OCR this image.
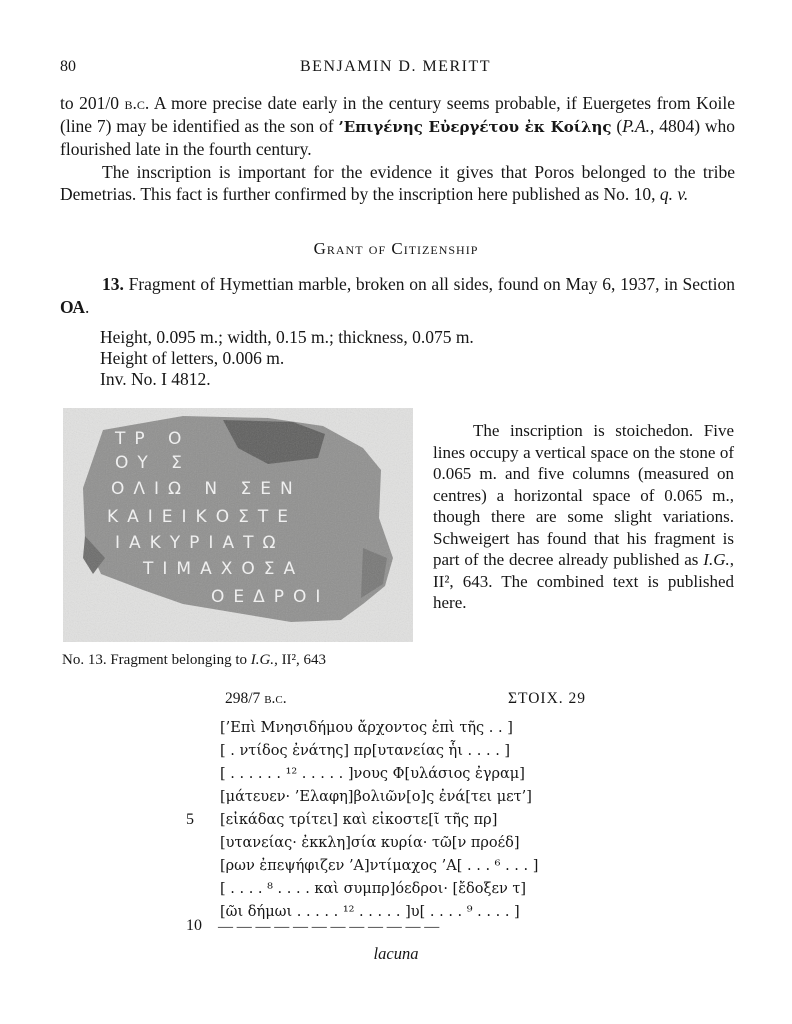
80	BENJAMIN D. MERITT

to 201/0 b.c. A more precise date early in the century seems probable, if Euergetes from Koile (line 7) may be identified as the son of ’Επιγένης Εὐεργέτου ἐκ Κοίλης (P.A., 4804) who flourished late in the fourth century.

The inscription is important for the evidence it gives that Poros belonged to the tribe Demetrias. This fact is further confirmed by the inscription here published as No. 10, q. v.

Grant of Citizenship

13. Fragment of Hymettian marble, broken on all sides, found on May 6, 1937, in Section ΟΑ.

Height, 0.095 m.; width, 0.15 m.; thickness, 0.075 m.
Height of letters, 0.006 m.
Inv. No. I 4812.
ΤΡ Ο
ΟΥ Σ
ΟΛΙΩ Ν ΣΕΝ
ΚΑΙΕΙΚΟΣΤΕ
ΙΑΚΥΡΙΑΤΩ
ΤΙΜΑΧΟΣΑ
ΟΕΔΡΟΙ
No. 13. Fragment belonging to I.G., II², 643

The inscription is stoichedon. Five lines occupy a vertical space on the stone of 0.065 m. and five columns (measured on centres) a horizontal space of 0.065 m., though there are some slight variations. Schweigert has found that his fragment is part of the decree already published as I.G., II², 643. The combined text is published here.

298/7 b.c.	ΣΤΟΙΧ. 29
[’Επὶ Μνησιδήμου ἄρχοντος ἐπὶ τῆς . . ]
[ . ντίδος ἐνάτης] πρ[υτανείας ἧι . . . . ]
[ . . . . . . ¹² . . . . . ]νους Φ[υλάσιος ἐγραμ]
[μάτευεν· ’Ελαφη]βολιῶν[ο]ς ἐνά[τει μετ’]
5 [εἰκάδας τρίτει] καὶ εἰκοστε[ῖ τῆς πρ]
[υτανείας· ἐκκλη]σία κυρία· τῶ[ν προέδ]
[ρων ἐπεψήφιζεν ’Α]ντίμαχος ’Α[ . . . ⁶ . . . ]
[ . . . . ⁸ . . . . καὶ συμπρ]όεδροι· [ἔδοξεν τ]
[ῶι δήμωι . . . . . ¹² . . . . . ]υ[ . . . . ⁹ . . . . ]
10 — — — — — — — — — — — —
lacuna
